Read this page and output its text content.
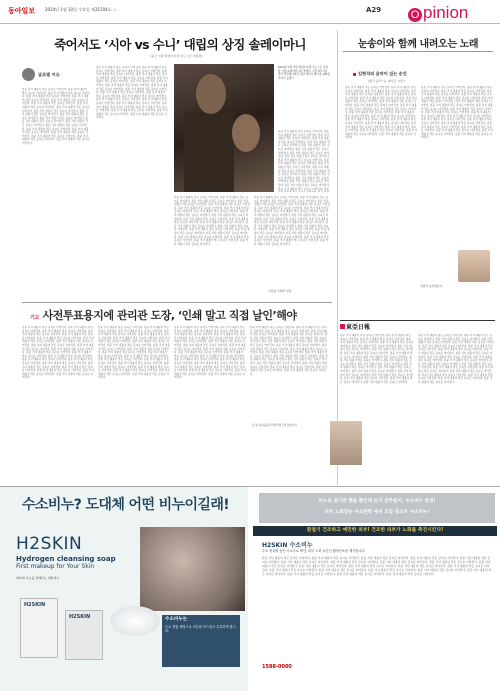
동아일보 2024년 1월 10일 수요일 제31504호 ☆	A29	O pinion
죽어서도 ‘시아 vs 수니’ 대립의 상징 솔레이마니
(중간 이란 혁명수비대 쿠드스군 사령관)
글로벌 이슈
본문 기사 내용이 작은 글씨로 이어진다. 본문 기사 내용이 작은 글씨로 이어진다. 본문 기사 내용이 작은 글씨로 이어진다. 본문 기사 내용이 작은 글씨로 이어진다. 본문 기사 내용이 작은 글씨로 이어진다. 본문 기사 내용이 작은 글씨로 이어진다. 본문 기사 내용이 작은 글씨로 이어진다. 본문 기사 내용이 작은 글씨로 이어진다. 본문 기사 내용이 작은 글씨로 이어진다. 본문 기사 내용이 작은 글씨로 이어진다. 본문 기사 내용이 작은 글씨로 이어진다. 본문 기사 내용이 작은 글씨로 이어진다. 본문 기사 내용이 작은 글씨로 이어진다. 본문 기사 내용이 작은 글씨로 이어진다. 본문 기사 내용이 작은 글씨로 이어진다. 본문 기사 내용이 작은 글씨로 이어진다. 본문 기사 내용이 작은 글씨로 이어진다. 본문 기사 내용이 작은 글씨로 이어진다. 본문 기사 내용이 작은 글씨로 이어진다. 본문 기사 내용이 작은 글씨로 이어진다. 본문 기사 내용이 작은 글씨로 이어진다. 본문 기사 내용이 작은 글씨로 이어진다.
본문 기사 내용이 작은 글씨로 이어진다. 본문 기사 내용이 작은 글씨로 이어진다. 본문 기사 내용이 작은 글씨로 이어진다. 본문 기사 내용이 작은 글씨로 이어진다. 본문 기사 내용이 작은 글씨로 이어진다. 본문 기사 내용이 작은 글씨로 이어진다. 본문 기사 내용이 작은 글씨로 이어진다. 본문 기사 내용이 작은 글씨로 이어진다. 본문 기사 내용이 작은 글씨로 이어진다. 본문 기사 내용이 작은 글씨로 이어진다. 본문 기사 내용이 작은 글씨로 이어진다. 본문 기사 내용이 작은 글씨로 이어진다. 본문 기사 내용이 작은 글씨로 이어진다. 본문 기사 내용이 작은 글씨로 이어진다. 본문 기사 내용이 작은 글씨로 이어진다. 본문 기사 내용이 작은 글씨로 이어진다. 본문 기사 내용이 작은 글씨로 이어진다. 본문 기사 내용이 작은 글씨로 이어진다. 본문 기사 내용이 작은 글씨로 이어진다. 본문 기사 내용이 작은 글씨로 이어진다. 본문 기사 내용이 작은 글씨로 이어진다. 본문 기사 내용이 작은 글씨로 이어진다.
2020년 1월 이란 혁명수비대 쿠드스군 사령관 카셈 솔레이마니의 장례식. 사망 4주기를 맞아 추모행사에서 폭탄 테러가 벌어져 100명 가까이 숨졌다.
본문 기사 내용이 작은 글씨로 이어진다. 본문 기사 내용이 작은 글씨로 이어진다. 본문 기사 내용이 작은 글씨로 이어진다. 본문 기사 내용이 작은 글씨로 이어진다. 본문 기사 내용이 작은 글씨로 이어진다. 본문 기사 내용이 작은 글씨로 이어진다. 본문 기사 내용이 작은 글씨로 이어진다. 본문 기사 내용이 작은 글씨로 이어진다. 본문 기사 내용이 작은 글씨로 이어진다. 본문 기사 내용이 작은 글씨로 이어진다. 본문 기사 내용이 작은 글씨로 이어진다. 본문 기사 내용이 작은 글씨로 이어진다. 본문 기사 내용이 작은 글씨로 이어진다. 본문 기사 내용이 작은 글씨로 이어진다. 본문 기사 내용이 작은 글씨로 이어진다. 본문 기사 내용이 작은 글씨로 이어진다. 본문 기사 내용이 작은 글씨로 이어진다. 본문 기사 내용이 작은 글씨로 이어진다. 본문 기사 내용이 작은 글씨로 이어진다. 본문
본문 기사 내용이 작은 글씨로 이어진다. 본문 기사 내용이 작은 글씨로 이어진다. 본문 기사 내용이 작은 글씨로 이어진다. 본문 기사 내용이 작은 글씨로 이어진다. 본문 기사 내용이 작은 글씨로 이어진다. 본문 기사 내용이 작은 글씨로 이어진다. 본문 기사 내용이 작은 글씨로 이어진다. 본문 기사 내용이 작은 글씨로 이어진다. 본문 기사 내용이 작은 글씨로 이어진다. 본문 기사 내용이 작은 글씨로 이어진다. 본문 기사 내용이 작은 글씨로 이어진다. 본문 기사 내용이 작은 글씨로 이어진다. 본문 기사 내용이 작은 글씨로 이어진다. 본문 기사 내용이 작은 글씨로 이어진다. 본문 기사 내용이 작은 글씨로 이어진다. 본문 기사 내용이 작은 글씨로 이어진다. 본문 기사 내용이 작은 글씨로 이어진다. 본문 기사 내용이 작은 글씨로 이어진다. 본문 기사 내용이 작은 글씨로 이어진다. 본문 기사 내용이 작은 글씨로 이어진다. 본문 기사 내용이 작은 글씨로 이어진다. 본문 기사 내용이 작은 글씨로 이어진다.
본문 기사 내용이 작은 글씨로 이어진다. 본문 기사 내용이 작은 글씨로 이어진다. 본문 기사 내용이 작은 글씨로 이어진다. 본문 기사 내용이 작은 글씨로 이어진다. 본문 기사 내용이 작은 글씨로 이어진다. 본문 기사 내용이 작은 글씨로 이어진다. 본문 기사 내용이 작은 글씨로 이어진다. 본문 기사 내용이 작은 글씨로 이어진다. 본문 기사 내용이 작은 글씨로 이어진다. 본문 기사 내용이 작은 글씨로 이어진다. 본문 기사 내용이 작은 글씨로 이어진다. 본문 기사 내용이 작은 글씨로 이어진다. 본문 기사 내용이 작은 글씨로 이어진다. 본문 기사 내용이 작은 글씨로 이어진다. 본문 기사 내용이 작은 글씨로 이어진다. 본문 기사 내용이 작은 글씨로 이어진다. 본문 기사 내용이 작은 글씨로 이어진다. 본문 기사 내용이 작은 글씨로 이어진다. 본문 기사 내용이 작은 글씨로 이어진다. 본문 기사 내용이 작은 글씨로 이어진다. 본문 기사 내용이 작은 글씨로 이어진다. 본문 기사 내용이 작은 글씨로 이어진다.
이문영 국제부 차장
눈송이와 함께 내려오는 노래
김현석의 음악이 있는 순간
(월간 음악 ‘눈 내리던 거울’)
본문 기사 내용이 작은 글씨로 이어진다. 본문 기사 내용이 작은 글씨로 이어진다. 본문 기사 내용이 작은 글씨로 이어진다. 본문 기사 내용이 작은 글씨로 이어진다. 본문 기사 내용이 작은 글씨로 이어진다. 본문 기사 내용이 작은 글씨로 이어진다. 본문 기사 내용이 작은 글씨로 이어진다. 본문 기사 내용이 작은 글씨로 이어진다. 본문 기사 내용이 작은 글씨로 이어진다. 본문 기사 내용이 작은 글씨로 이어진다. 본문 기사 내용이 작은 글씨로 이어진다. 본문 기사 내용이 작은 글씨로 이어진다. 본문 기사 내용이 작은 글씨로 이어진다. 본문 기사 내용이 작은 글씨로 이어진다. 본문 기사 내용이 작은 글씨로 이어진다. 본문 기사 내용이 작은 글씨로 이어진다. 본문 기사 내용이 작은 글씨로 이어진다. 본문 기사 내용이 작은 글씨로 이어진다. 본문 기사 내용이 작은 글씨로 이어진다. 본문 기사 내용이 작은 글씨로 이어진다. 본문 기사 내용이 작은 글씨로 이어진다. 본문 기사 내용이 작은 글씨로 이어진다.
본문 기사 내용이 작은 글씨로 이어진다. 본문 기사 내용이 작은 글씨로 이어진다. 본문 기사 내용이 작은 글씨로 이어진다. 본문 기사 내용이 작은 글씨로 이어진다. 본문 기사 내용이 작은 글씨로 이어진다. 본문 기사 내용이 작은 글씨로 이어진다. 본문 기사 내용이 작은 글씨로 이어진다. 본문 기사 내용이 작은 글씨로 이어진다. 본문 기사 내용이 작은 글씨로 이어진다. 본문 기사 내용이 작은 글씨로 이어진다. 본문 기사 내용이 작은 글씨로 이어진다. 본문 기사 내용이 작은 글씨로 이어진다. 본문 기사 내용이 작은 글씨로 이어진다. 본문 기사 내용이 작은 글씨로 이어진다. 본문 기사 내용이 작은 글씨로 이어진다. 본문 기사 내용이 작은 글씨로 이어진다. 본문 기사 내용이 작은 글씨로 이어진다. 본문 기사 내용이 작은 글씨로 이어진다. 본문 기사 내용이 작은 글씨로 이어진다. 본문 기사 내용이 작은 글씨로 이어진다. 본문 기사 내용이 작은 글씨로 이어진다. 본문 기사 내용이 작은 글씨로 이어진다.
김현석 음악평론가
기고 사전투표용지에 관리관 도장, ‘인쇄 말고 직접 날인’해야
본문 기사 내용이 작은 글씨로 이어진다. 본문 기사 내용이 작은 글씨로 이어진다. 본문 기사 내용이 작은 글씨로 이어진다. 본문 기사 내용이 작은 글씨로 이어진다. 본문 기사 내용이 작은 글씨로 이어진다. 본문 기사 내용이 작은 글씨로 이어진다. 본문 기사 내용이 작은 글씨로 이어진다. 본문 기사 내용이 작은 글씨로 이어진다. 본문 기사 내용이 작은 글씨로 이어진다. 본문 기사 내용이 작은 글씨로 이어진다. 본문 기사 내용이 작은 글씨로 이어진다. 본문 기사 내용이 작은 글씨로 이어진다. 본문 기사 내용이 작은 글씨로 이어진다. 본문 기사 내용이 작은 글씨로 이어진다. 본문 기사 내용이 작은 글씨로 이어진다. 본문 기사 내용이 작은 글씨로 이어진다. 본문 기사 내용이 작은 글씨로 이어진다. 본문 기사 내용이 작은 글씨로 이어진다. 본문 기사 내용이 작은 글씨로 이어진다. 본문 기사 내용이 작은 글씨로 이어진다. 본문 기사 내용이 작은 글씨로 이어진다. 본문 기사 내용이 작은 글씨로 이어진다.
본문 기사 내용이 작은 글씨로 이어진다. 본문 기사 내용이 작은 글씨로 이어진다. 본문 기사 내용이 작은 글씨로 이어진다. 본문 기사 내용이 작은 글씨로 이어진다. 본문 기사 내용이 작은 글씨로 이어진다. 본문 기사 내용이 작은 글씨로 이어진다. 본문 기사 내용이 작은 글씨로 이어진다. 본문 기사 내용이 작은 글씨로 이어진다. 본문 기사 내용이 작은 글씨로 이어진다. 본문 기사 내용이 작은 글씨로 이어진다. 본문 기사 내용이 작은 글씨로 이어진다. 본문 기사 내용이 작은 글씨로 이어진다. 본문 기사 내용이 작은 글씨로 이어진다. 본문 기사 내용이 작은 글씨로 이어진다. 본문 기사 내용이 작은 글씨로 이어진다. 본문 기사 내용이 작은 글씨로 이어진다. 본문 기사 내용이 작은 글씨로 이어진다. 본문 기사 내용이 작은 글씨로 이어진다. 본문 기사 내용이 작은 글씨로 이어진다. 본문 기사 내용이 작은 글씨로 이어진다. 본문 기사 내용이 작은 글씨로 이어진다. 본문 기사 내용이 작은 글씨로 이어진다.
본문 기사 내용이 작은 글씨로 이어진다. 본문 기사 내용이 작은 글씨로 이어진다. 본문 기사 내용이 작은 글씨로 이어진다. 본문 기사 내용이 작은 글씨로 이어진다. 본문 기사 내용이 작은 글씨로 이어진다. 본문 기사 내용이 작은 글씨로 이어진다. 본문 기사 내용이 작은 글씨로 이어진다. 본문 기사 내용이 작은 글씨로 이어진다. 본문 기사 내용이 작은 글씨로 이어진다. 본문 기사 내용이 작은 글씨로 이어진다. 본문 기사 내용이 작은 글씨로 이어진다. 본문 기사 내용이 작은 글씨로 이어진다. 본문 기사 내용이 작은 글씨로 이어진다. 본문 기사 내용이 작은 글씨로 이어진다. 본문 기사 내용이 작은 글씨로 이어진다. 본문 기사 내용이 작은 글씨로 이어진다. 본문 기사 내용이 작은 글씨로 이어진다. 본문 기사 내용이 작은 글씨로 이어진다. 본문 기사 내용이 작은 글씨로 이어진다. 본문 기사 내용이 작은 글씨로 이어진다. 본문 기사 내용이 작은 글씨로 이어진다. 본문 기사 내용이 작은 글씨로 이어진다.
본문 기사 내용이 작은 글씨로 이어진다. 본문 기사 내용이 작은 글씨로 이어진다. 본문 기사 내용이 작은 글씨로 이어진다. 본문 기사 내용이 작은 글씨로 이어진다. 본문 기사 내용이 작은 글씨로 이어진다. 본문 기사 내용이 작은 글씨로 이어진다. 본문 기사 내용이 작은 글씨로 이어진다. 본문 기사 내용이 작은 글씨로 이어진다. 본문 기사 내용이 작은 글씨로 이어진다. 본문 기사 내용이 작은 글씨로 이어진다. 본문 기사 내용이 작은 글씨로 이어진다. 본문 기사 내용이 작은 글씨로 이어진다. 본문 기사 내용이 작은 글씨로 이어진다. 본문 기사 내용이 작은 글씨로 이어진다. 본문 기사 내용이 작은 글씨로 이어진다. 본문 기사 내용이 작은 글씨로 이어진다. 본문 기사 내용이 작은 글씨로 이어진다. 본문 기사 내용이 작은 글씨로 이어진다. 본문 기사 내용이 작은 글씨로 이어진다. 본문 기사 내용이 작은 글씨로 이어진다. 본문 기사 내용이 작은 글씨로 이어진다. 본문 기사 내용이 작은 글씨로 이어진다.
김 범 동아공동선거관리연구원 상임이사
東亞日報
본문 기사 내용이 작은 글씨로 이어진다. 본문 기사 내용이 작은 글씨로 이어진다. 본문 기사 내용이 작은 글씨로 이어진다. 본문 기사 내용이 작은 글씨로 이어진다. 본문 기사 내용이 작은 글씨로 이어진다. 본문 기사 내용이 작은 글씨로 이어진다. 본문 기사 내용이 작은 글씨로 이어진다. 본문 기사 내용이 작은 글씨로 이어진다. 본문 기사 내용이 작은 글씨로 이어진다. 본문 기사 내용이 작은 글씨로 이어진다. 본문 기사 내용이 작은 글씨로 이어진다. 본문 기사 내용이 작은 글씨로 이어진다. 본문 기사 내용이 작은 글씨로 이어진다. 본문 기사 내용이 작은 글씨로 이어진다. 본문 기사 내용이 작은 글씨로 이어진다. 본문 기사 내용이 작은 글씨로 이어진다. 본문 기사 내용이 작은 글씨로 이어진다. 본문 기사 내용이 작은 글씨로 이어진다. 본문 기사 내용이 작은 글씨로 이어진다. 본문 기사 내용이 작은 글씨로 이어진다. 본문 기사 내용이 작은 글씨로 이어진다. 본문 기사 내용이 작은 글씨로 이어진다.
본문 기사 내용이 작은 글씨로 이어진다. 본문 기사 내용이 작은 글씨로 이어진다. 본문 기사 내용이 작은 글씨로 이어진다. 본문 기사 내용이 작은 글씨로 이어진다. 본문 기사 내용이 작은 글씨로 이어진다. 본문 기사 내용이 작은 글씨로 이어진다. 본문 기사 내용이 작은 글씨로 이어진다. 본문 기사 내용이 작은 글씨로 이어진다. 본문 기사 내용이 작은 글씨로 이어진다. 본문 기사 내용이 작은 글씨로 이어진다. 본문 기사 내용이 작은 글씨로 이어진다. 본문 기사 내용이 작은 글씨로 이어진다. 본문 기사 내용이 작은 글씨로 이어진다. 본문 기사 내용이 작은 글씨로 이어진다. 본문 기사 내용이 작은 글씨로 이어진다. 본문 기사 내용이 작은 글씨로 이어진다. 본문 기사 내용이 작은 글씨로 이어진다. 본문 기사 내용이 작은 글씨로 이어진다. 본문 기사 내용이 작은 글씨로 이어진다. 본문 기사 내용이 작은 글씨로 이어진다. 본문 기사 내용이 작은 글씨로 이어진다. 본문 기사 내용이 작은 글씨로 이어진다.
수소비누? 도대체 어떤 비누이길래!	비누로 씻기만 했을 뿐인데 눈가 잔주름이, 수소비누 탄생!
피부 노화잡는 수소탄력 에서 모공 청소부 수소비누!
환절기 건조하고 예민한 피부! 건조한 피부가 노화를 촉진시킨다!
H2SKIN
Hydrogen cleansing soap
First makeup for Your Skin
피부에 수소를 전해주는 세안비누
H2SKIN
H2SKIN	수소비누는
수소 결합 세정으로 피부를 부드럽고 촉촉하게 합니다.
H2SKIN 수소비누
수소 함유량 높은 수소수로 세안, 피부 노화 요인인 활성산소를 제거합니다.
본문 기사 내용이 작은 글씨로 이어진다. 본문 기사 내용이 작은 글씨로 이어진다. 본문 기사 내용이 작은 글씨로 이어진다. 본문 기사 내용이 작은 글씨로 이어진다. 본문 기사 내용이 작은 글씨로 이어진다. 본문 기사 내용이 작은 글씨로 이어진다. 본문 기사 내용이 작은 글씨로 이어진다. 본문 기사 내용이 작은 글씨로 이어진다. 본문 기사 내용이 작은 글씨로 이어진다. 본문 기사 내용이 작은 글씨로 이어진다. 본문 기사 내용이 작은 글씨로 이어진다. 본문 기사 내용이 작은 글씨로 이어진다. 본문 기사 내용이 작은 글씨로 이어진다. 본문 기사 내용이 작은 글씨로 이어진다. 본문 기사 내용이 작은 글씨로 이어진다. 본문 기사 내용이 작은 글씨로 이어진다. 본문 기사 내용이 작은 글씨로 이어진다. 본문 기사 내용이 작은 글씨로 이어진다. 본문 기사 내용이 작은 글씨로 이어진다. 본문 기사 내용이 작은 글씨로 이어진다. 본문 기사 내용이 작은 글씨로 이어진다. 본문 기사 내용이 작은 글씨로 이어진다.
1588-0000
